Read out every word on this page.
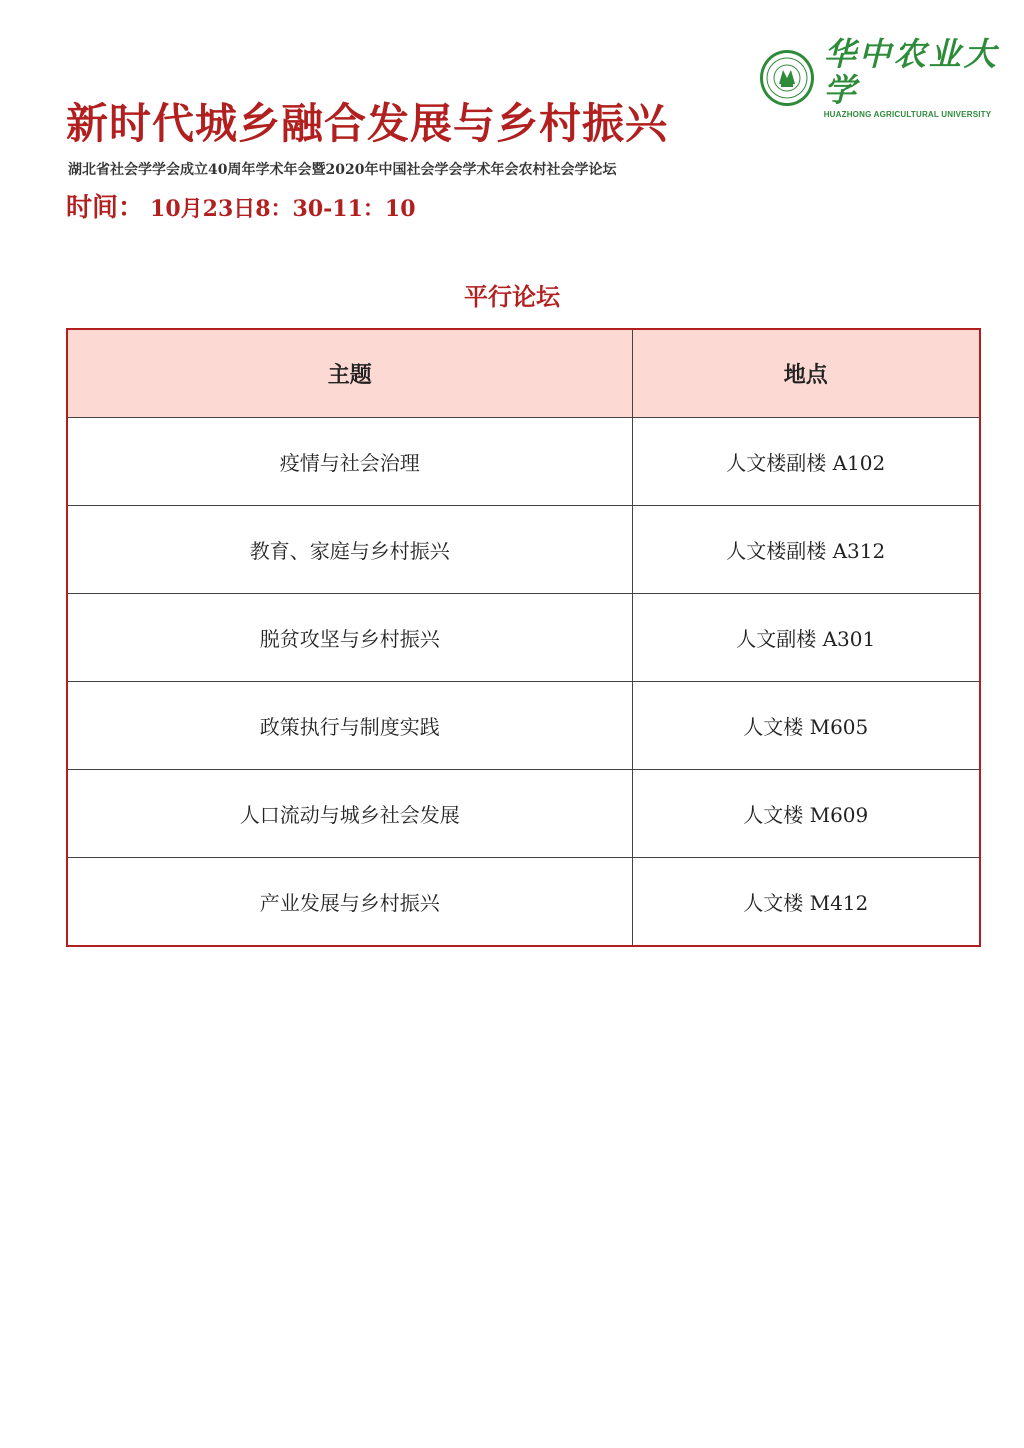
华中农业大学
HUAZHONG AGRICULTURAL UNIVERSITY
新时代城乡融合发展与乡村振兴
湖北省社会学学会成立40周年学术年会暨2020年中国社会学会学术年会农村社会学论坛
时间： 10月23日8：30-11：10
平行论坛
主题	地点
疫情与社会治理	人文楼副楼 A102
教育、家庭与乡村振兴	人文楼副楼 A312
脱贫攻坚与乡村振兴	人文副楼 A301
政策执行与制度实践	人文楼 M605
人口流动与城乡社会发展	人文楼 M609
产业发展与乡村振兴	人文楼 M412
